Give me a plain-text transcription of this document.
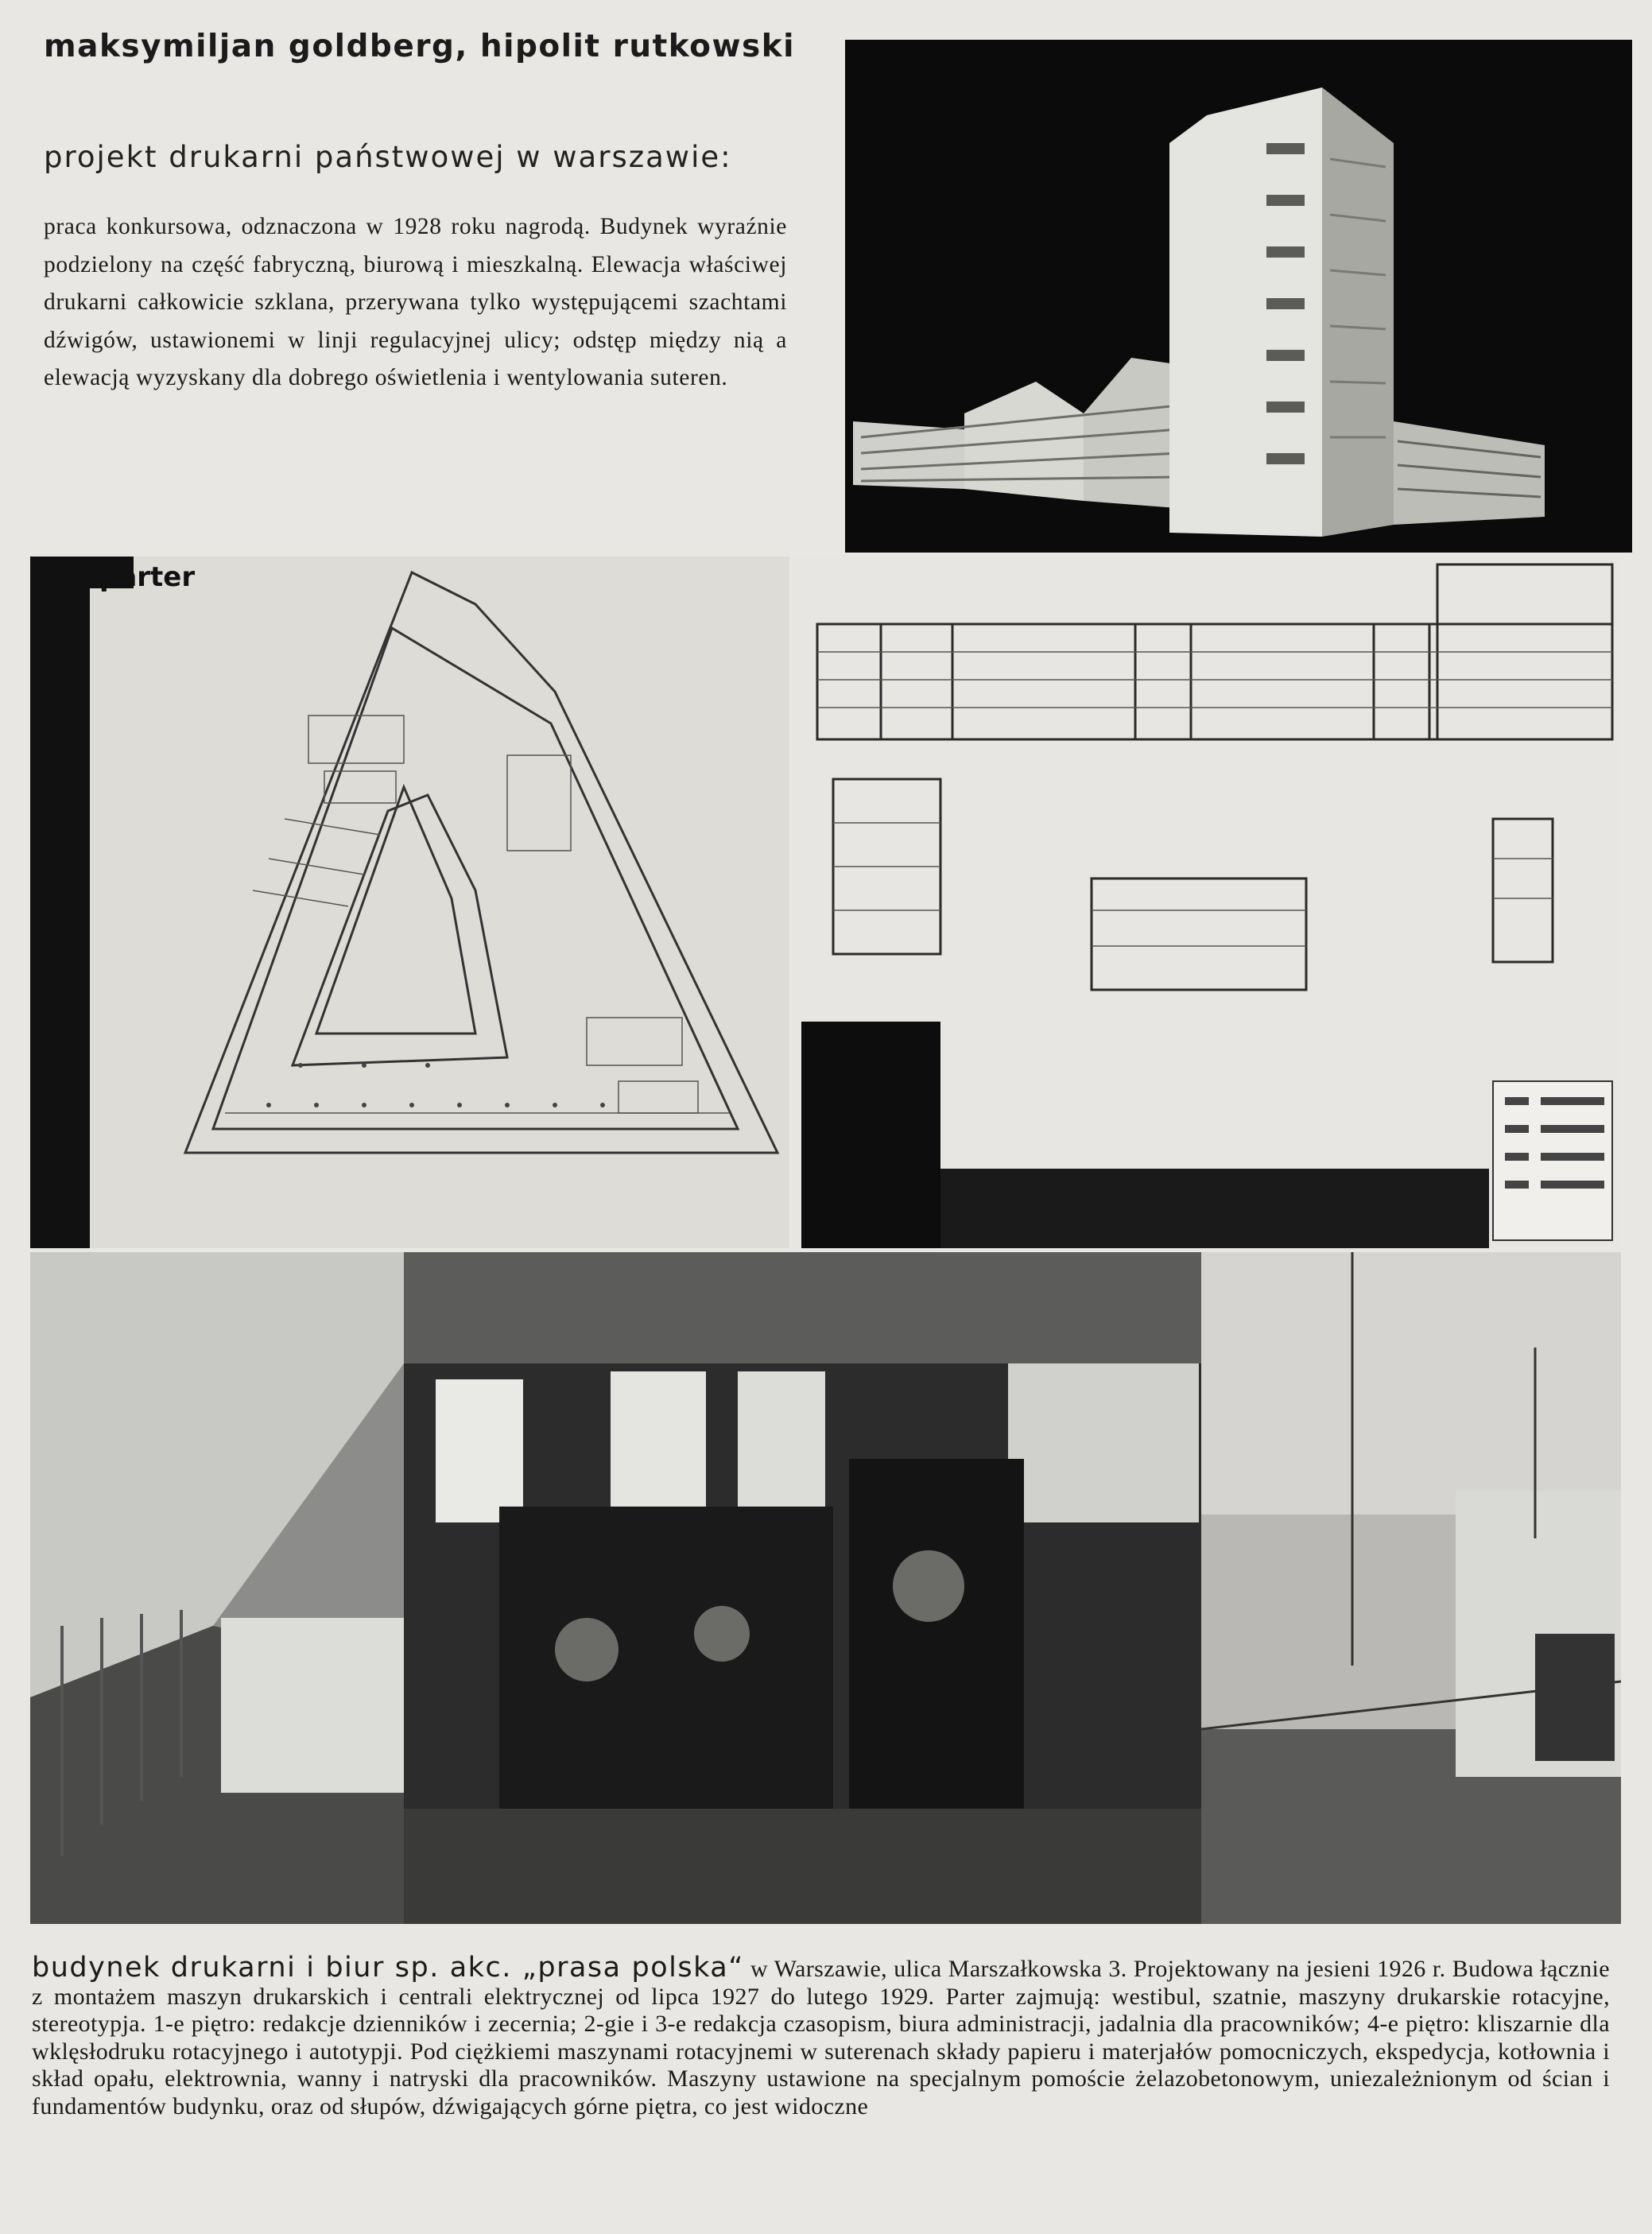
maksymiljan goldberg, hipolit rutkowski
projekt drukarni państwowej w warszawie:
praca konkursowa, odznaczona w 1928 roku nagrodą. Budynek wyraźnie podzielony na część fabryczną, biurową i mieszkalną. Elewacja właściwej drukarni całkowicie szklana, przerywana tylko występującemi szachtami dźwigów, ustawionemi w linji regulacyjnej ulicy; odstęp między nią a elewacją wyzyskany dla dobrego oświetlenia i wentylowania suteren.
parter
budynek drukarni i biur sp. akc. „prasa polska“ w Warszawie, ulica Marszałkowska 3. Projektowany na jesieni 1926 r. Budowa łącznie z montażem maszyn drukarskich i centrali elektrycznej od lipca 1927 do lutego 1929. Parter zajmują: westibul, szatnie, maszyny drukarskie rotacyjne, stereotypja. 1-e piętro: redakcje dzienników i zecernia; 2-gie i 3-e redakcja czasopism, biura administracji, jadalnia dla pracowników; 4-e piętro: kliszarnie dla wklęsłodruku rotacyjnego i autotypji. Pod ciężkiemi maszynami rotacyjnemi w suterenach składy papieru i materjałów pomocniczych, ekspedycja, kotłownia i skład opału, elektrownia, wanny i natryski dla pracowników. Maszyny ustawione na specjalnym pomoście żelazobetonowym, uniezależnionym od ścian i fundamentów budynku, oraz od słupów, dźwigających górne piętra, co jest widoczne
